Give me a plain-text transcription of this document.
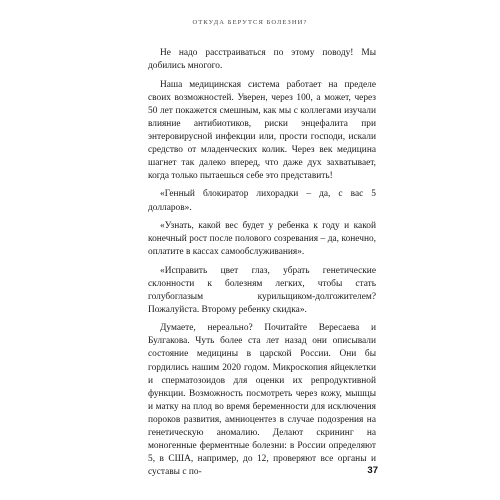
ОТКУДА БЕРУТСЯ БОЛЕЗНИ?

Не надо расстраиваться по этому поводу! Мы добились многого.

Наша медицинская система работает на пределе своих возможностей. Уверен, через 100, а может, через 50 лет покажется смешным, как мы с коллегами изучали влияние антибиотиков, риски энцефалита при энтеровирусной инфекции или, прости господи, искали средство от младенческих колик. Через век медицина шагнет так далеко вперед, что даже дух захватывает, когда только пытаешься себе это представить!

«Генный блокиратор лихорадки – да, с вас 5 долларов».

«Узнать, какой вес будет у ребенка к году и какой конечный рост после полового созревания – да, конечно, оплатите в кассах самообслуживания».

«Исправить цвет глаз, убрать генетические склонности к болезням легких, чтобы стать голубоглазым курильщиком-долгожителем? Пожалуйста. Второму ребенку скидка».

Думаете, нереально? Почитайте Вересаева и Булгакова. Чуть более ста лет назад они описывали состояние медицины в царской России. Они бы гордились нашим 2020 годом. Микроскопия яйцеклетки и сперматозоидов для оценки их репродуктивной функции. Возможность посмотреть через кожу, мышцы и матку на плод во время беременности для исключения пороков развития, амниоцентез в случае подозрения на генетическую аномалию. Делают скрининг на моногенные ферментные болезни: в России определяют 5, в США, например, до 12, проверяют все органы и суставы с по-	37
